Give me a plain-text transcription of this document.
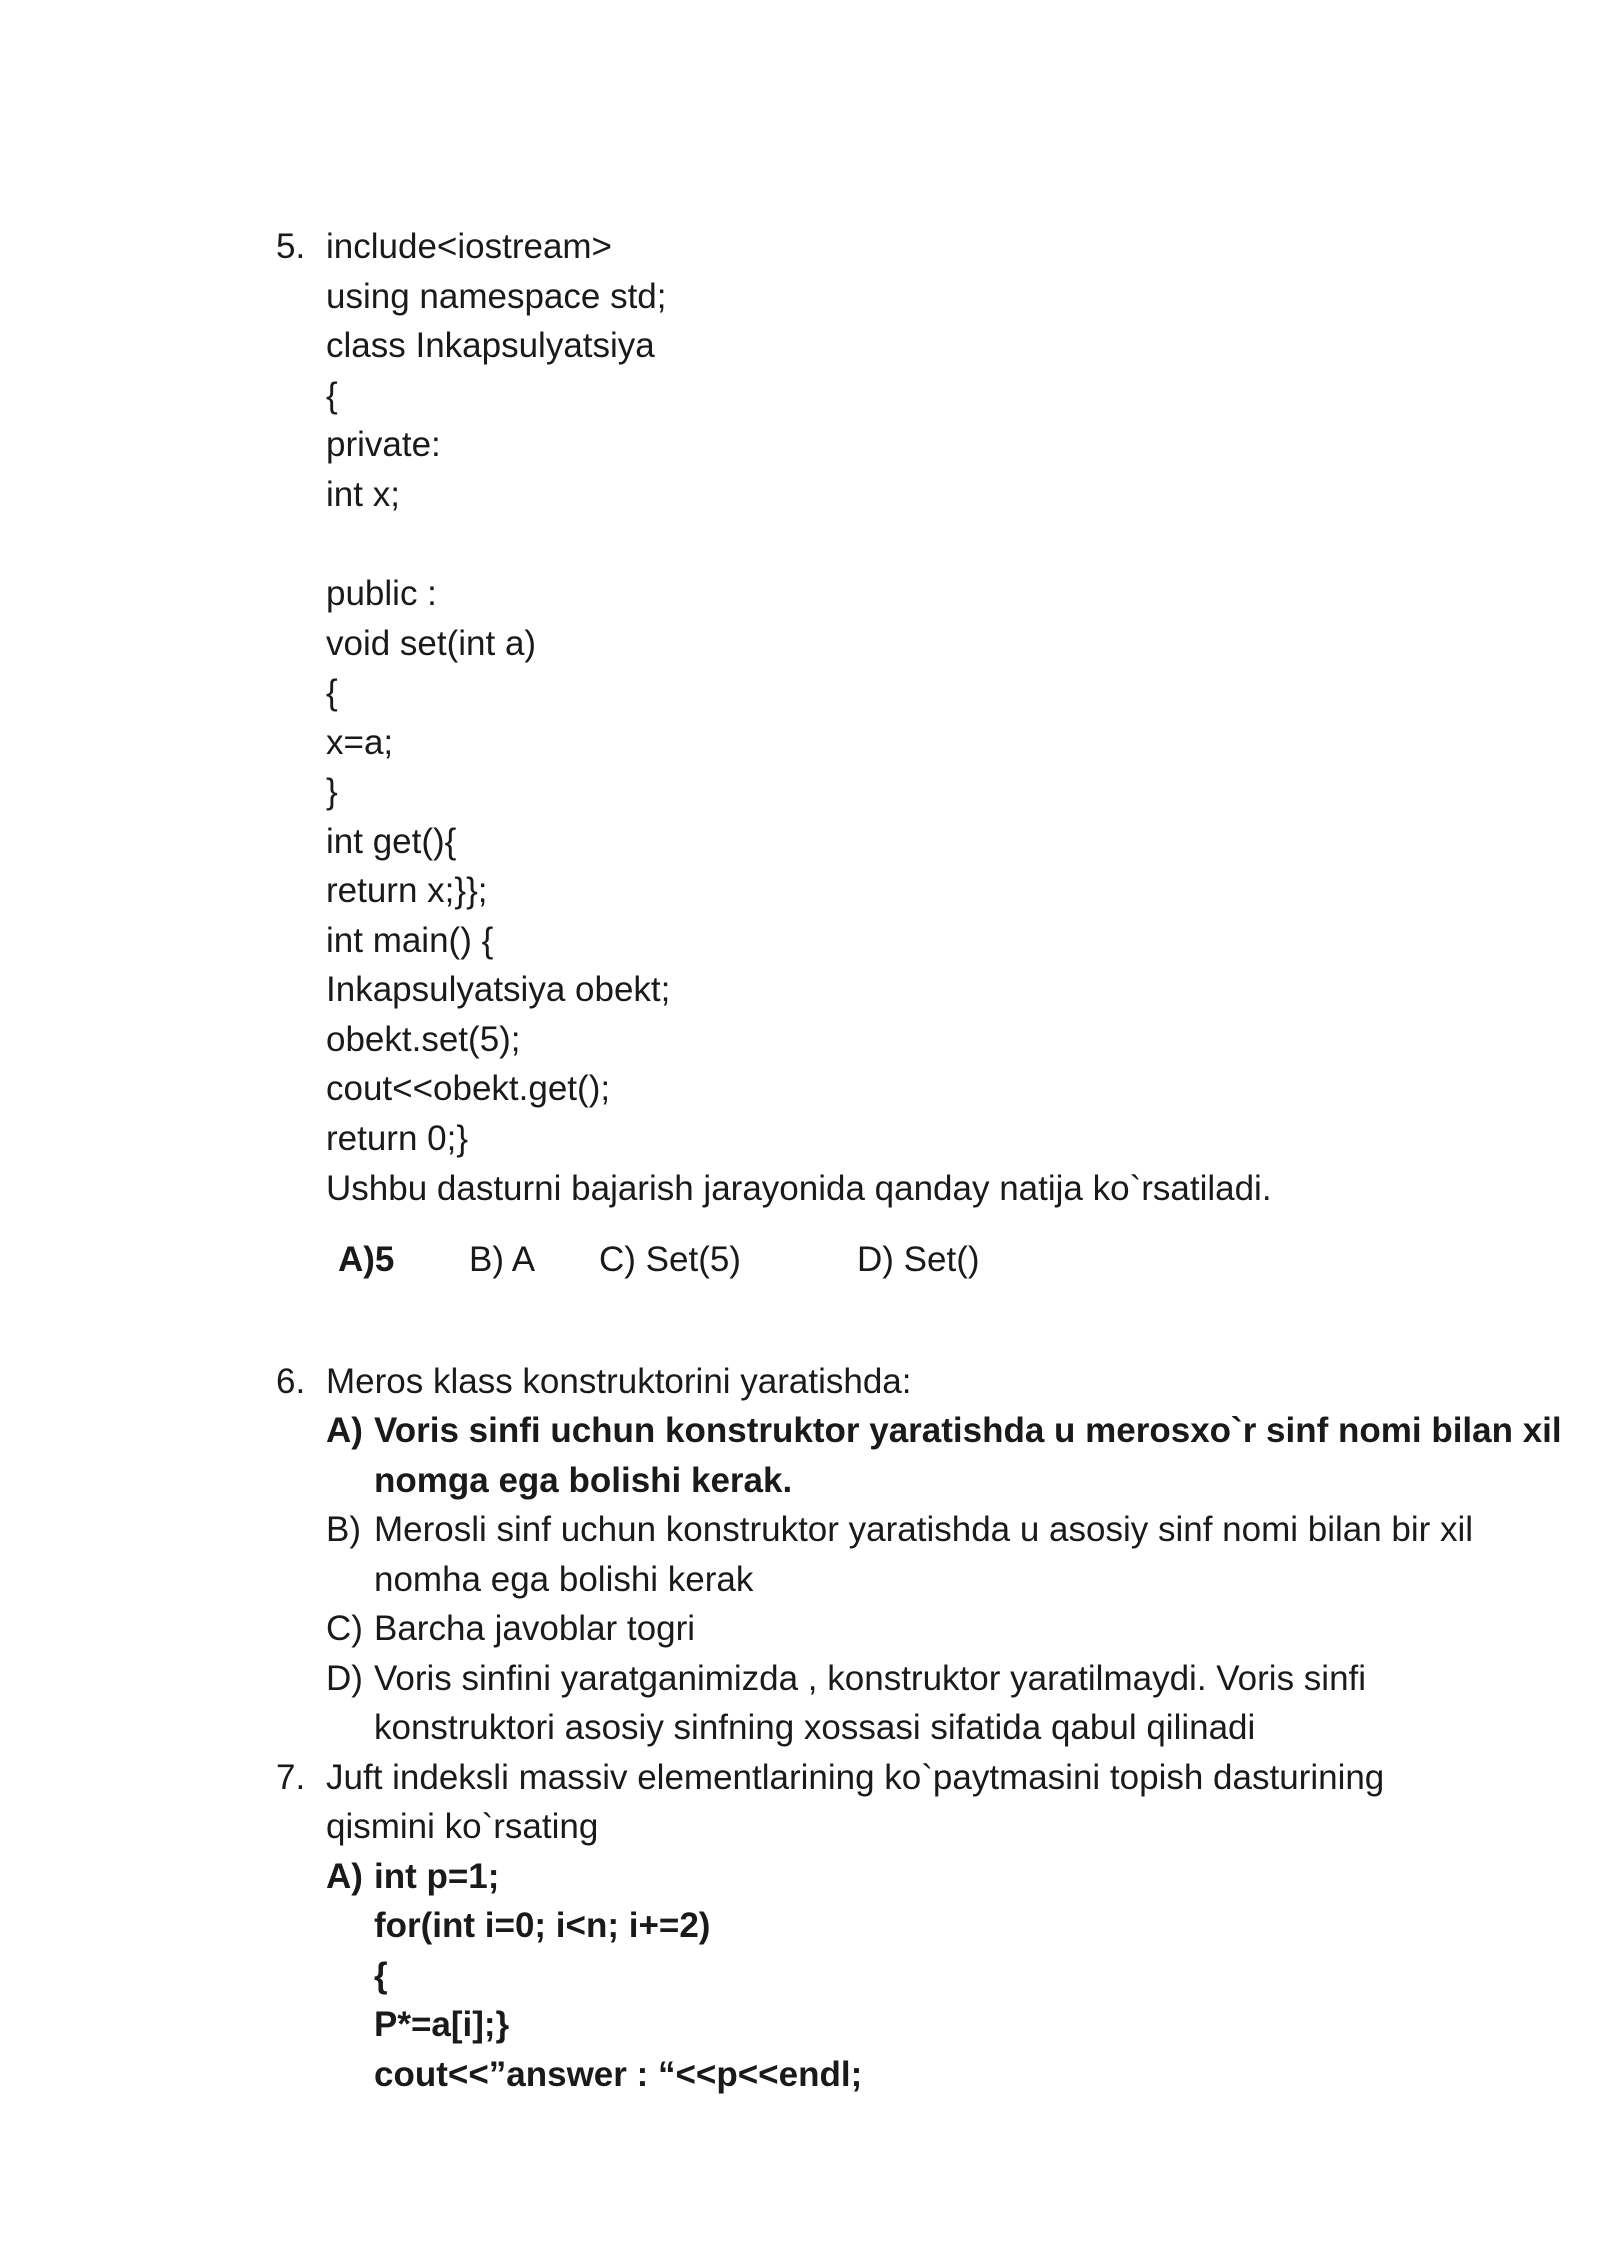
5. include<iostream>
using namespace std;
class Inkapsulyatsiya
{
private:
int x;
public :
void set(int a)
{
x=a;
}
int get(){
return x;}};
int main() {
Inkapsulyatsiya obekt;
obekt.set(5);
cout<<obekt.get();
return 0;}
Ushbu dasturni bajarish jarayonida qanday natija ko`rsatiladi.
A)5 B) A C) Set(5)	D) Set()
6. Meros klass konstruktorini yaratishda:
A) Voris sinfi uchun konstruktor yaratishda u merosxo`r sinf nomi bilan xil
nomga ega bolishi kerak.
B) Merosli sinf uchun konstruktor yaratishda u asosiy sinf nomi bilan bir xil
nomha ega bolishi kerak
C) Barcha javoblar togri
D) Voris sinfini yaratganimizda , konstruktor yaratilmaydi. Voris sinfi
konstruktori asosiy sinfning xossasi sifatida qabul qilinadi
7. Juft indeksli massiv elementlarining ko`paytmasini topish dasturining
qismini ko`rsating
A) int p=1;
for(int i=0; i<n; i+=2)
{
P*=a[i];}
cout<<”answer : “<<p<<endl;
